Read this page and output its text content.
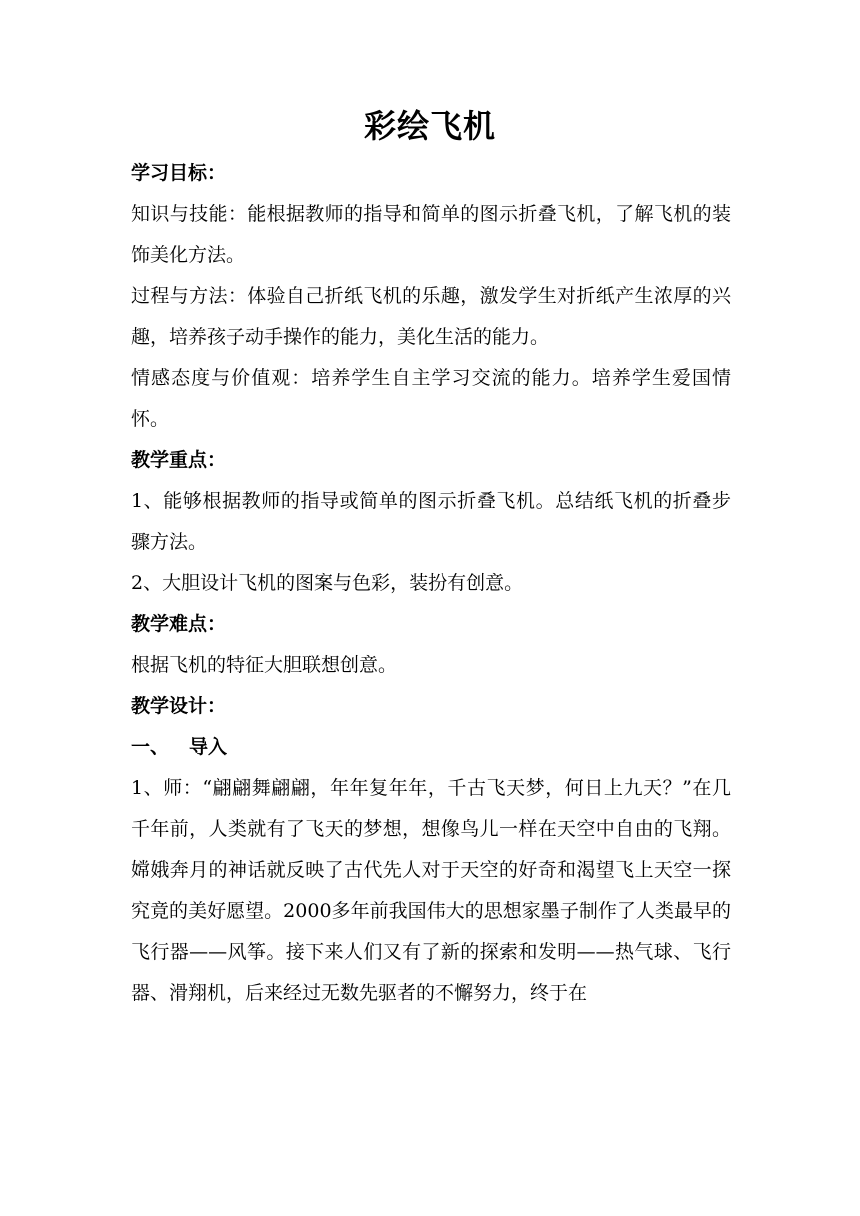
彩绘飞机

学习目标：

知识与技能：能根据教师的指导和简单的图示折叠飞机，了解飞机的装饰美化方法。

过程与方法：体验自己折纸飞机的乐趣，激发学生对折纸产生浓厚的兴趣，培养孩子动手操作的能力，美化生活的能力。

情感态度与价值观：培养学生自主学习交流的能力。培养学生爱国情怀。

教学重点：

1、能够根据教师的指导或简单的图示折叠飞机。总结纸飞机的折叠步骤方法。

2、大胆设计飞机的图案与色彩，装扮有创意。

教学难点：

根据飞机的特征大胆联想创意。

教学设计：

一、 导入

1、师：“翩翩舞翩翩，年年复年年，千古飞天梦，何日上九天？”在几千年前，人类就有了飞天的梦想，想像鸟儿一样在天空中自由的飞翔。嫦娥奔月的神话就反映了古代先人对于天空的好奇和渴望飞上天空一探究竟的美好愿望。2000多年前我国伟大的思想家墨子制作了人类最早的飞行器——风筝。接下来人们又有了新的探索和发明——热气球、飞行器、滑翔机，后来经过无数先驱者的不懈努力，终于在
